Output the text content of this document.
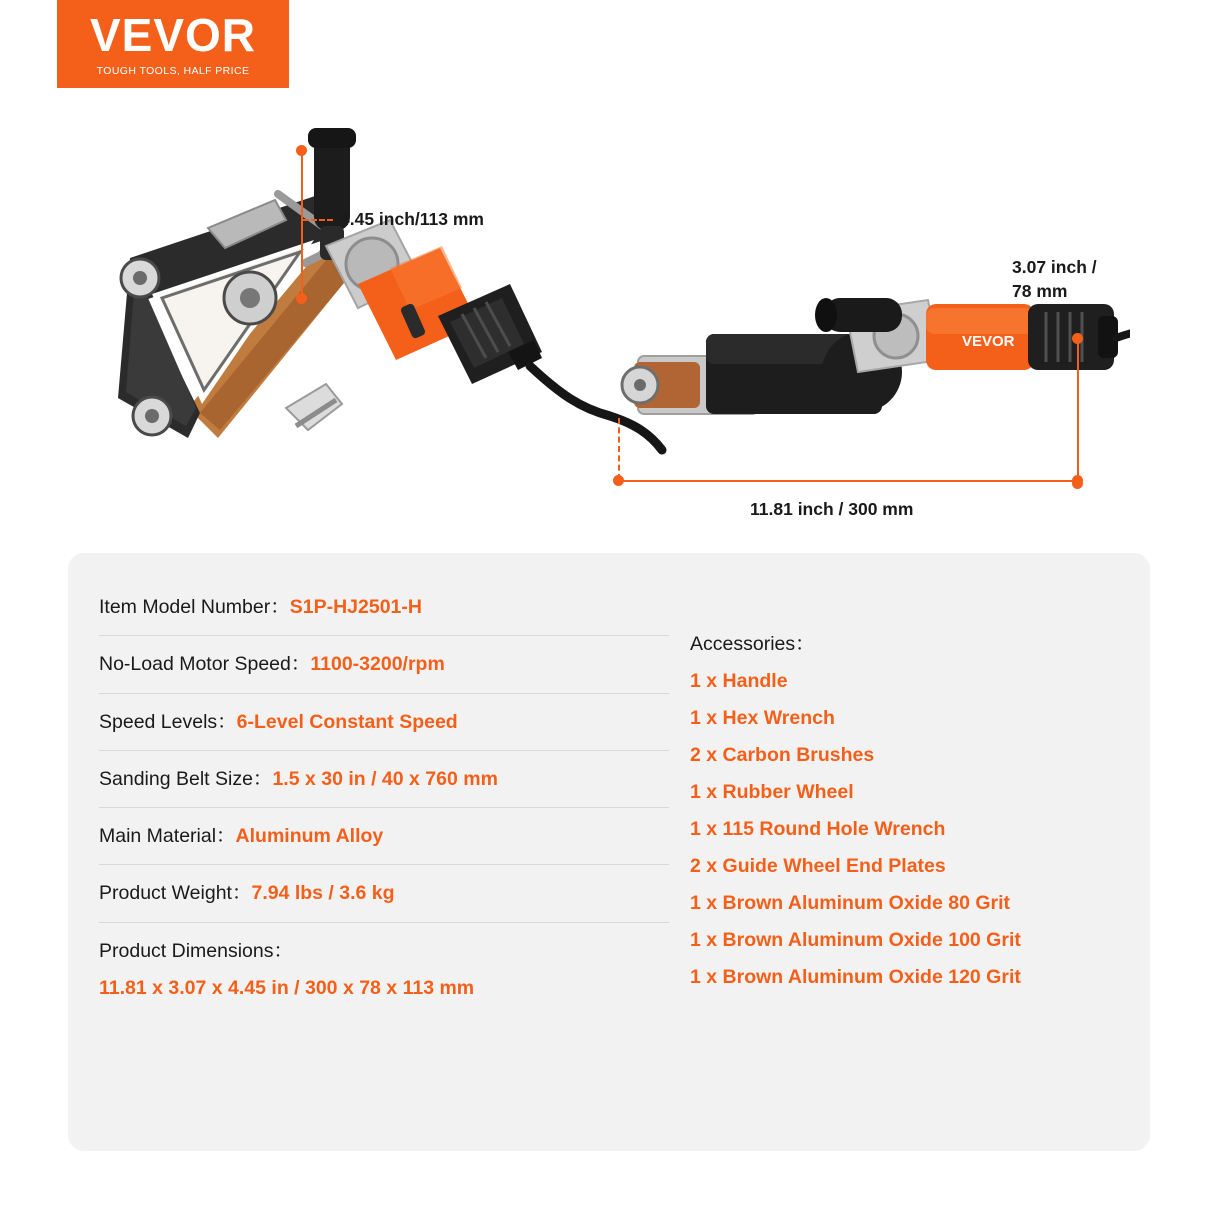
VEVOR
TOUGH TOOLS, HALF PRICE
4.45 inch/113 mm
VEVOR
3.07 inch /
78 mm
11.81 inch / 300 mm
Item Model Number：S1P-HJ2501-H
No-Load Motor Speed：1100-3200/rpm
Speed Levels：6-Level Constant Speed
Sanding Belt Size：1.5 x 30 in / 40 x 760 mm
Main Material：Aluminum Alloy
Product Weight：7.94 lbs / 3.6 kg
Product Dimensions：
11.81 x 3.07 x 4.45 in / 300 x 78 x 113 mm
Accessories：
1 x Handle
1 x Hex Wrench
2 x Carbon Brushes
1 x Rubber Wheel
1 x 115 Round Hole Wrench
2 x Guide Wheel End Plates
1 x Brown Aluminum Oxide 80 Grit
1 x Brown Aluminum Oxide 100 Grit
1 x Brown Aluminum Oxide 120 Grit
